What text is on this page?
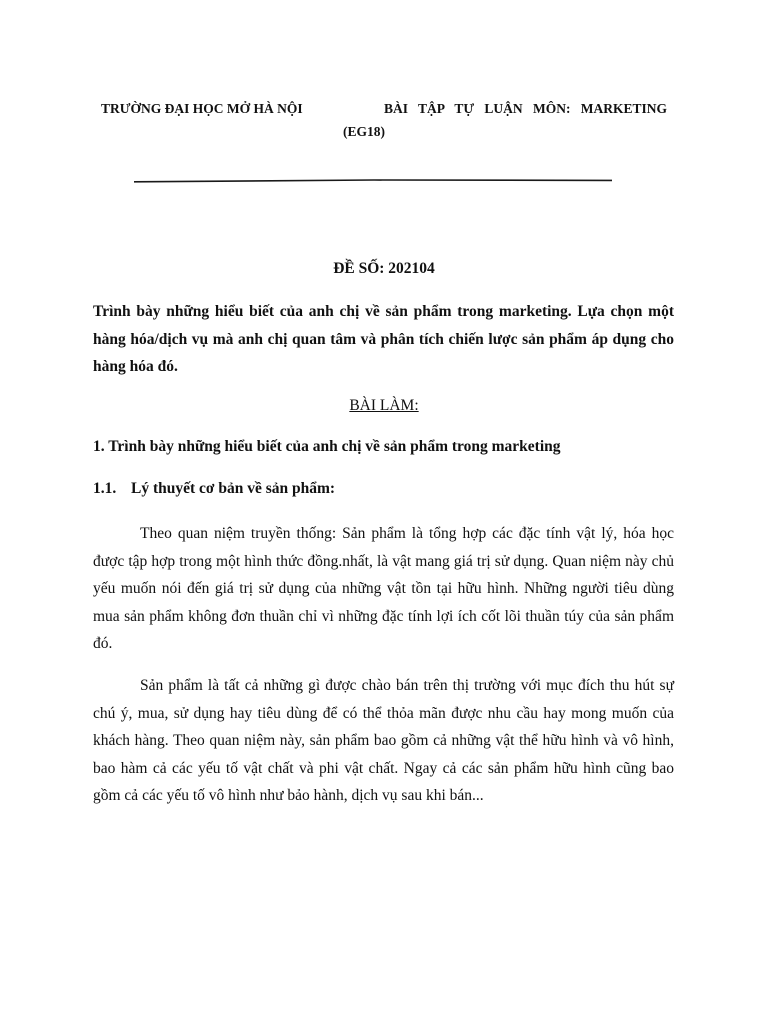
TRƯỜNG ĐẠI HỌC MỞ HÀ NỘI	BÀI TẬP TỰ LUẬN MÔN: MARKETING
(EG18)
ĐỀ SỐ: 202104
Trình bày những hiểu biết của anh chị về sản phẩm trong marketing. Lựa chọn một hàng hóa/dịch vụ mà anh chị quan tâm và phân tích chiến lược sản phẩm áp dụng cho hàng hóa đó.
BÀI LÀM:
1. Trình bày những hiểu biết của anh chị về sản phẩm trong marketing
1.1. Lý thuyết cơ bản về sản phẩm:
Theo quan niệm truyền thống: Sản phẩm là tổng hợp các đặc tính vật lý, hóa học được tập hợp trong một hình thức đồng.nhất, là vật mang giá trị sử dụng. Quan niệm này chủ yếu muốn nói đến giá trị sử dụng của những vật tồn tại hữu hình. Những người tiêu dùng mua sản phẩm không đơn thuần chỉ vì những đặc tính lợi ích cốt lõi thuần túy của sản phẩm đó.
Sản phẩm là tất cả những gì được chào bán trên thị trường với mục đích thu hút sự chú ý, mua, sử dụng hay tiêu dùng để có thể thỏa mãn được nhu cầu hay mong muốn của khách hàng. Theo quan niệm này, sản phẩm bao gồm cả những vật thể hữu hình và vô hình, bao hàm cả các yếu tố vật chất và phi vật chất. Ngay cả các sản phẩm hữu hình cũng bao gồm cả các yếu tố vô hình như bảo hành, dịch vụ sau khi bán...
